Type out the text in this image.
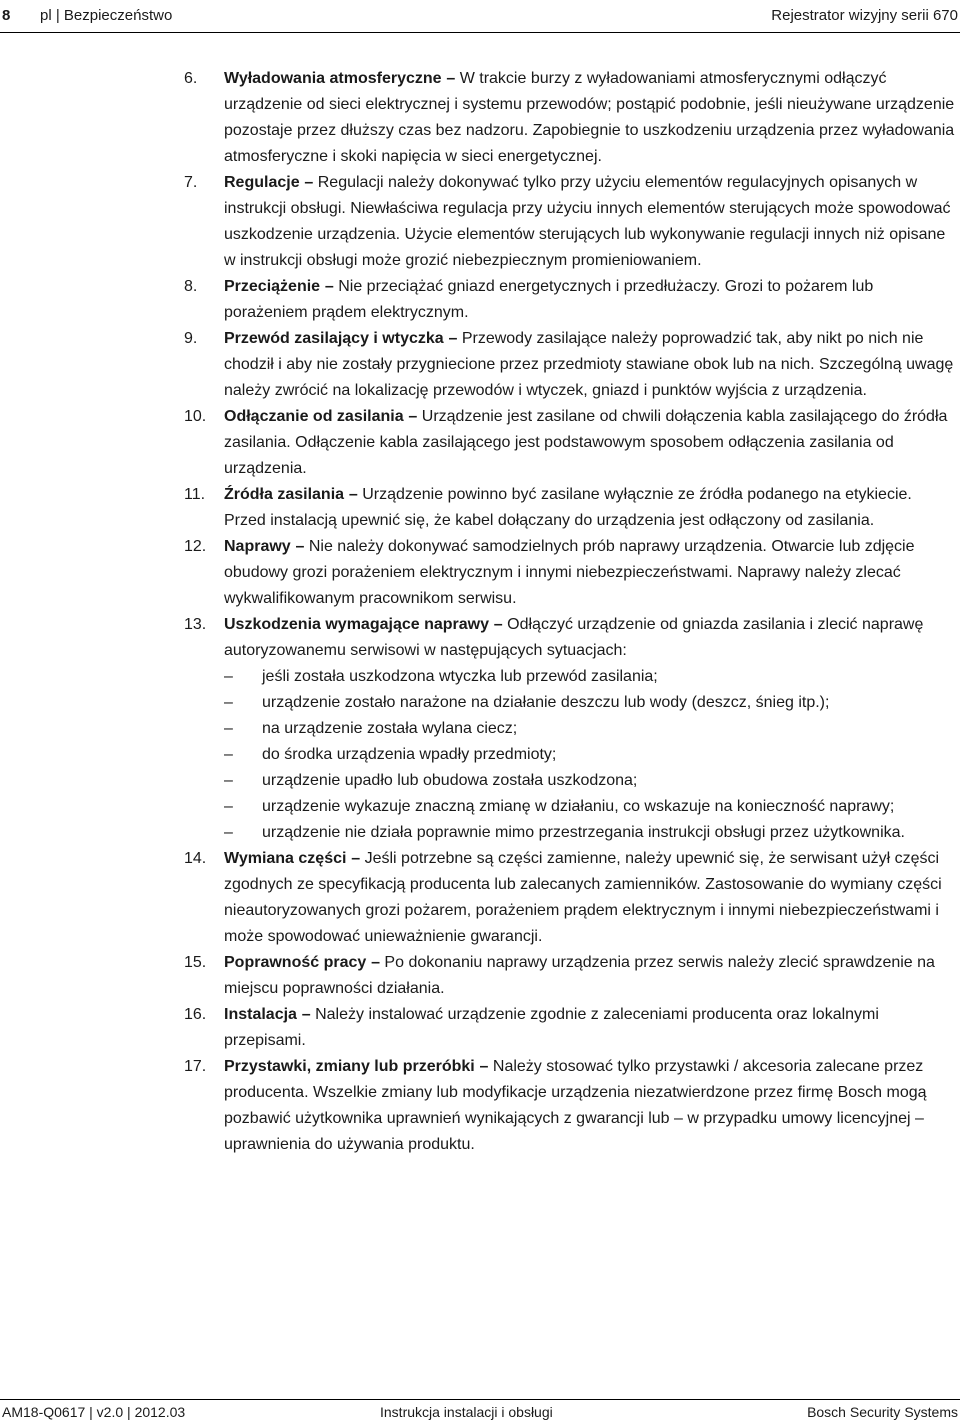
8 pl | Bezpieczeństwo	Rejestrator wizyjny serii 670
6. Wyładowania atmosferyczne – W trakcie burzy z wyładowaniami atmosferycznymi odłączyć urządzenie od sieci elektrycznej i systemu przewodów; postąpić podobnie, jeśli nieużywane urządzenie pozostaje przez dłuższy czas bez nadzoru. Zapobiegnie to uszkodzeniu urządzenia przez wyładowania atmosferyczne i skoki napięcia w sieci energetycznej.
7. Regulacje – Regulacji należy dokonywać tylko przy użyciu elementów regulacyjnych opisanych w instrukcji obsługi. Niewłaściwa regulacja przy użyciu innych elementów sterujących może spowodować uszkodzenie urządzenia. Użycie elementów sterujących lub wykonywanie regulacji innych niż opisane w instrukcji obsługi może grozić niebezpiecznym promieniowaniem.
8. Przeciążenie – Nie przeciążać gniazd energetycznych i przedłużaczy. Grozi to pożarem lub porażeniem prądem elektrycznym.
9. Przewód zasilający i wtyczka – Przewody zasilające należy poprowadzić tak, aby nikt po nich nie chodził i aby nie zostały przygniecione przez przedmioty stawiane obok lub na nich. Szczególną uwagę należy zwrócić na lokalizację przewodów i wtyczek, gniazd i punktów wyjścia z urządzenia.
10. Odłączanie od zasilania – Urządzenie jest zasilane od chwili dołączenia kabla zasilającego do źródła zasilania. Odłączenie kabla zasilającego jest podstawowym sposobem odłączenia zasilania od urządzenia.
11. Źródła zasilania – Urządzenie powinno być zasilane wyłącznie ze źródła podanego na etykiecie. Przed instalacją upewnić się, że kabel dołączany do urządzenia jest odłączony od zasilania.
12. Naprawy – Nie należy dokonywać samodzielnych prób naprawy urządzenia. Otwarcie lub zdjęcie obudowy grozi porażeniem elektrycznym i innymi niebezpieczeństwami. Naprawy należy zlecać wykwalifikowanym pracownikom serwisu.
13. Uszkodzenia wymagające naprawy – Odłączyć urządzenie od gniazda zasilania i zlecić naprawę autoryzowanemu serwisowi w następujących sytuacjach:
– jeśli została uszkodzona wtyczka lub przewód zasilania;
– urządzenie zostało narażone na działanie deszczu lub wody (deszcz, śnieg itp.);
– na urządzenie została wylana ciecz;
– do środka urządzenia wpadły przedmioty;
– urządzenie upadło lub obudowa została uszkodzona;
– urządzenie wykazuje znaczną zmianę w działaniu, co wskazuje na konieczność naprawy;
– urządzenie nie działa poprawnie mimo przestrzegania instrukcji obsługi przez użytkownika.
14. Wymiana części – Jeśli potrzebne są części zamienne, należy upewnić się, że serwisant użył części zgodnych ze specyfikacją producenta lub zalecanych zamienników. Zastosowanie do wymiany części nieautoryzowanych grozi pożarem, porażeniem prądem elektrycznym i innymi niebezpieczeństwami i może spowodować unieważnienie gwarancji.
15. Poprawność pracy – Po dokonaniu naprawy urządzenia przez serwis należy zlecić sprawdzenie na miejscu poprawności działania.
16. Instalacja – Należy instalować urządzenie zgodnie z zaleceniami producenta oraz lokalnymi przepisami.
17. Przystawki, zmiany lub przeróbki – Należy stosować tylko przystawki / akcesoria zalecane przez producenta. Wszelkie zmiany lub modyfikacje urządzenia niezatwierdzone przez firmę Bosch mogą pozbawić użytkownika uprawnień wynikających z gwarancji lub – w przypadku umowy licencyjnej – uprawnienia do używania produktu.
AM18-Q0617 | v2.0 | 2012.03	Instrukcja instalacji i obsługi	Bosch Security Systems
